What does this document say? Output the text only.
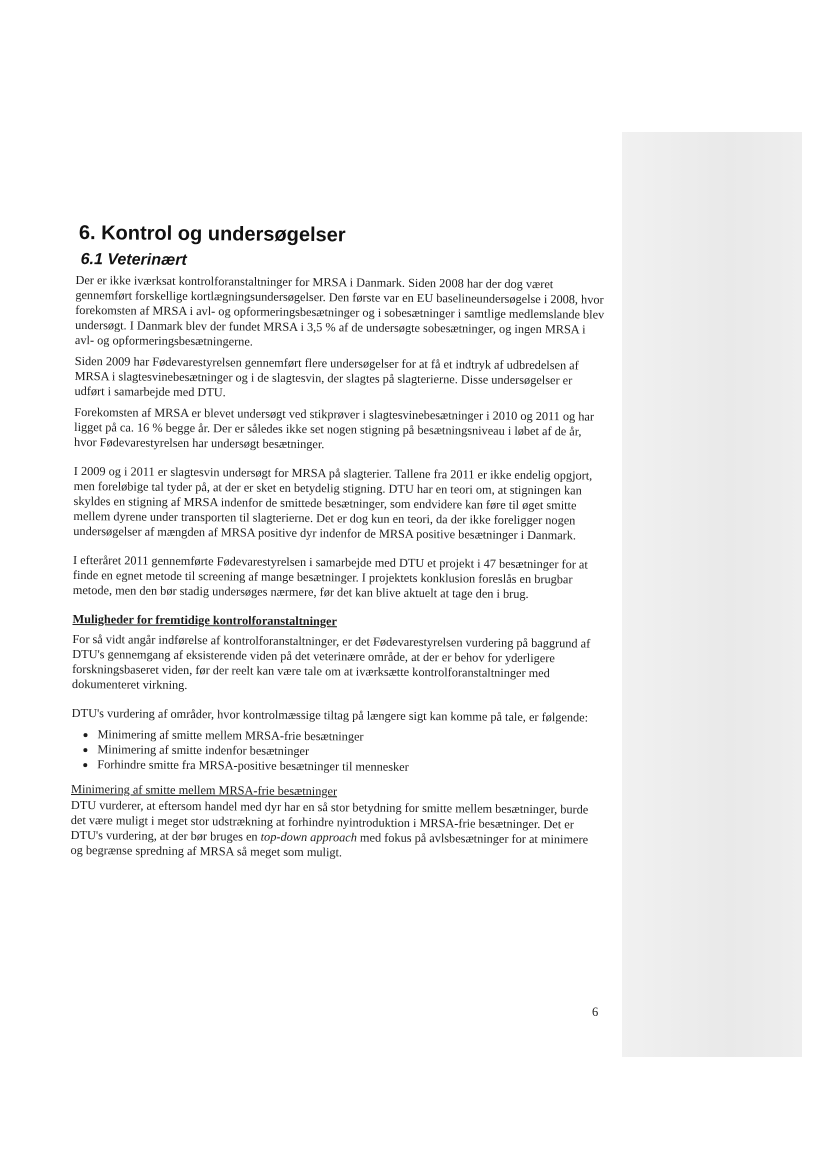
6. Kontrol og undersøgelser
6.1 Veterinært

Der er ikke iværksat kontrolforanstaltninger for MRSA i Danmark. Siden 2008 har der dog været gennemført forskellige kortlægningsundersøgelser. Den første var en EU baselineundersøgelse i 2008, hvor forekomsten af MRSA i avl- og opformeringsbesætninger og i sobesætninger i samtlige medlemslande blev undersøgt. I Danmark blev der fundet MRSA i 3,5 % af de undersøgte sobesætninger, og ingen MRSA i avl- og opformeringsbesætningerne.

Siden 2009 har Fødevarestyrelsen gennemført flere undersøgelser for at få et indtryk af udbredelsen af MRSA i slagtesvinebesætninger og i de slagtesvin, der slagtes på slagterierne. Disse undersøgelser er udført i samarbejde med DTU.

Forekomsten af MRSA er blevet undersøgt ved stikprøver i slagtesvinebesætninger i 2010 og 2011 og har ligget på ca. 16 % begge år. Der er således ikke set nogen stigning på besætningsniveau i løbet af de år, hvor Fødevarestyrelsen har undersøgt besætninger.

I 2009 og i 2011 er slagtesvin undersøgt for MRSA på slagterier. Tallene fra 2011 er ikke endelig opgjort, men foreløbige tal tyder på, at der er sket en betydelig stigning. DTU har en teori om, at stigningen kan skyldes en stigning af MRSA indenfor de smittede besætninger, som endvidere kan føre til øget smitte mellem dyrene under transporten til slagterierne. Det er dog kun en teori, da der ikke foreligger nogen undersøgelser af mængden af MRSA positive dyr indenfor de MRSA positive besætninger i Danmark.

I efteråret 2011 gennemførte Fødevarestyrelsen i samarbejde med DTU et projekt i 47 besætninger for at finde en egnet metode til screening af mange besætninger. I projektets konklusion foreslås en brugbar metode, men den bør stadig undersøges nærmere, før det kan blive aktuelt at tage den i brug.

Muligheder for fremtidige kontrolforanstaltninger

For så vidt angår indførelse af kontrolforanstaltninger, er det Fødevarestyrelsen vurdering på baggrund af DTU's gennemgang af eksisterende viden på det veterinære område, at der er behov for yderligere forskningsbaseret viden, før der reelt kan være tale om at iværksætte kontrolforanstaltninger med dokumenteret virkning.

DTU's vurdering af områder, hvor kontrolmæssige tiltag på længere sigt kan komme på tale, er følgende:

• Minimering af smitte mellem MRSA-frie besætninger
• Minimering af smitte indenfor besætninger
• Forhindre smitte fra MRSA-positive besætninger til mennesker
Minimering af smitte mellem MRSA-frie besætninger

DTU vurderer, at eftersom handel med dyr har en så stor betydning for smitte mellem besætninger, burde det være muligt i meget stor udstrækning at forhindre nyintroduktion i MRSA-frie besætninger. Det er DTU's vurdering, at der bør bruges en top-down approach med fokus på avlsbesætninger for at minimere og begrænse spredning af MRSA så meget som muligt.

6
